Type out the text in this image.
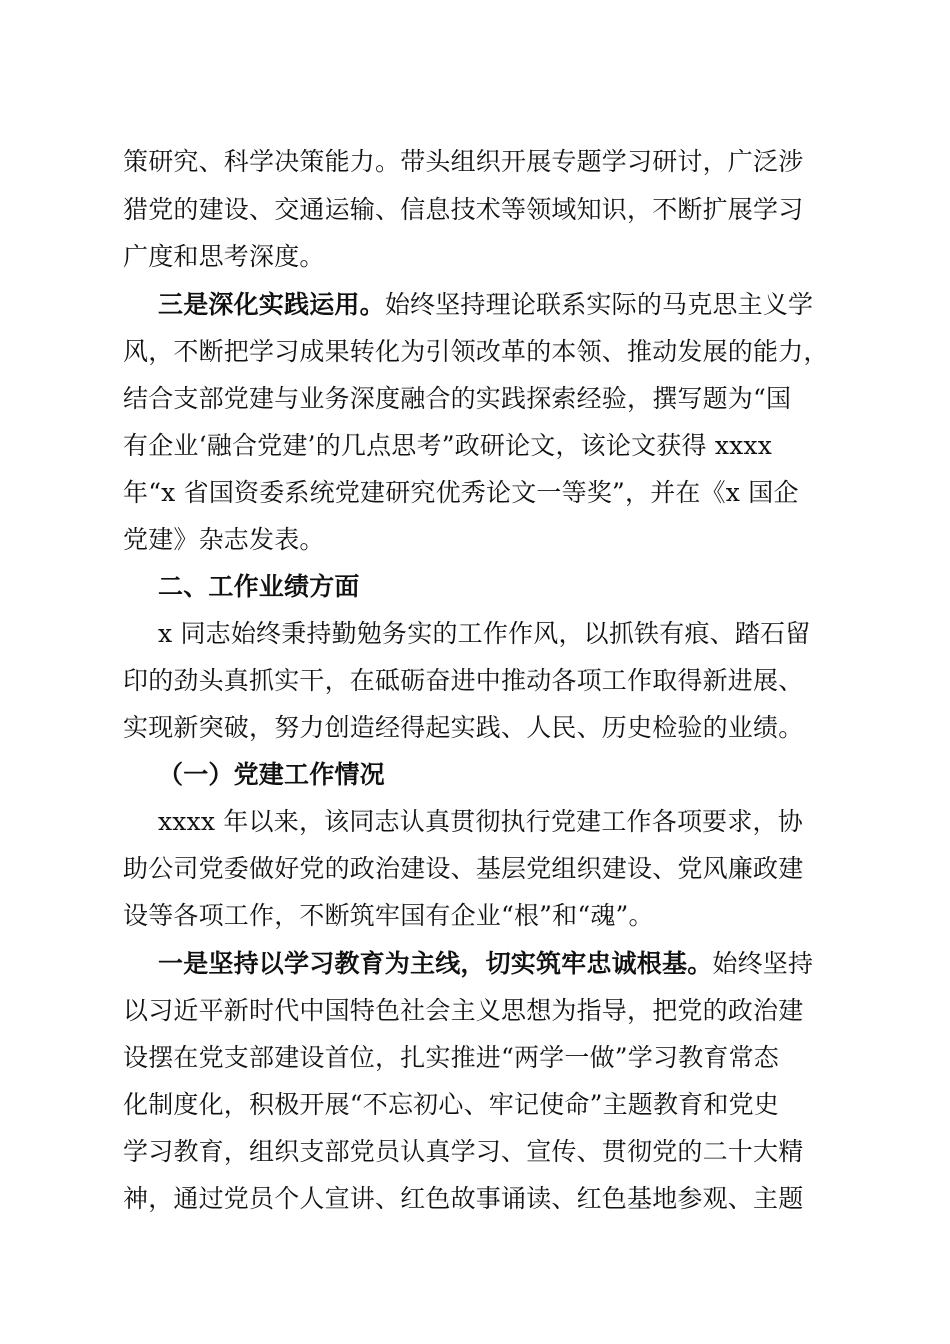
策研究、科学决策能力。带头组织开展专题学习研讨，广泛涉
猎党的建设、交通运输、信息技术等领域知识，不断扩展学习
广度和思考深度。
三是深化实践运用。始终坚持理论联系实际的马克思主义学
风，不断把学习成果转化为引领改革的本领、推动发展的能力，
结合支部党建与业务深度融合的实践探索经验，撰写题为“国
有企业‘融合党建’的几点思考”政研论文，该论文获得 xxxx
年“x 省国资委系统党建研究优秀论文一等奖”，并在《x 国企
党建》杂志发表。
二、工作业绩方面
x 同志始终秉持勤勉务实的工作作风，以抓铁有痕、踏石留
印的劲头真抓实干，在砥砺奋进中推动各项工作取得新进展、
实现新突破，努力创造经得起实践、人民、历史检验的业绩。
（一）党建工作情况
xxxx 年以来，该同志认真贯彻执行党建工作各项要求，协
助公司党委做好党的政治建设、基层党组织建设、党风廉政建
设等各项工作，不断筑牢国有企业“根”和“魂”。
一是坚持以学习教育为主线，切实筑牢忠诚根基。始终坚持
以习近平新时代中国特色社会主义思想为指导，把党的政治建
设摆在党支部建设首位，扎实推进“两学一做”学习教育常态
化制度化，积极开展“不忘初心、牢记使命”主题教育和党史
学习教育，组织支部党员认真学习、宣传、贯彻党的二十大精
神，通过党员个人宣讲、红色故事诵读、红色基地参观、主题
